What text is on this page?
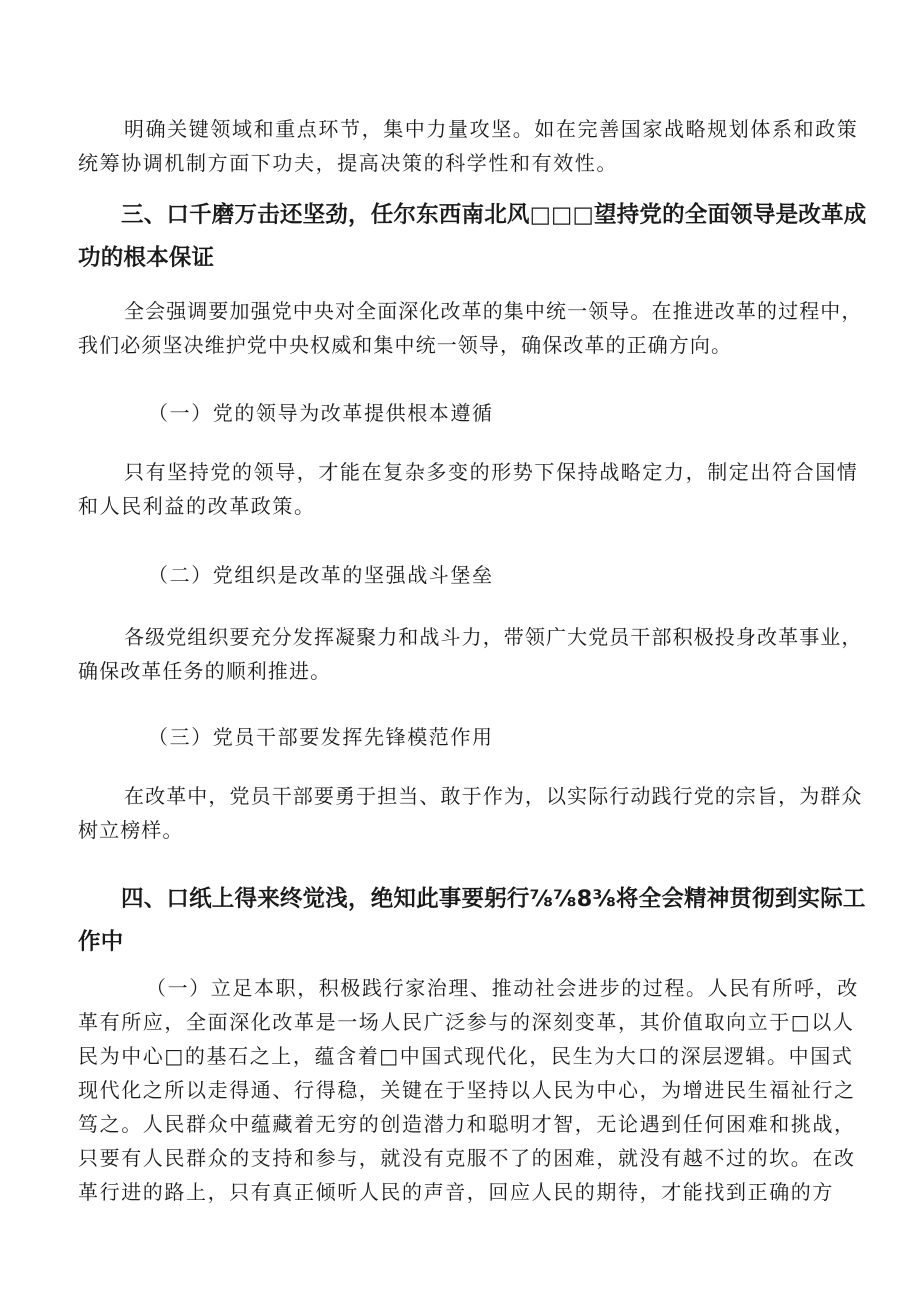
明确关键领域和重点环节，集中力量攻坚。如在完善国家战略规划体系和政策
统筹协调机制方面下功夫，提高决策的科学性和有效性。
三、口千磨万击还坚劲，任尔东西南北风□□□望持党的全面领导是改革成
功的根本保证
全会强调要加强党中央对全面深化改革的集中统一领导。在推进改革的过程中，
我们必须坚决维护党中央权威和集中统一领导，确保改革的正确方向。
（一）党的领导为改革提供根本遵循
只有坚持党的领导，才能在复杂多变的形势下保持战略定力，制定出符合国情
和人民利益的改革政策。
（二）党组织是改革的坚强战斗堡垒
各级党组织要充分发挥凝聚力和战斗力，带领广大党员干部积极投身改革事业，
确保改革任务的顺利推进。
（三）党员干部要发挥先锋模范作用
在改革中，党员干部要勇于担当、敢于作为，以实际行动践行党的宗旨，为群众
树立榜样。
四、口纸上得来终觉浅，绝知此事要躬行⅞⅞8⅜将全会精神贯彻到实际工
作中
（一）立足本职，积极践行家治理、推动社会进步的过程。人民有所呼，改
革有所应，全面深化改革是一场人民广泛参与的深刻变革，其价值取向立于□以人
民为中心□的基石之上，蕴含着□中国式现代化，民生为大口的深层逻辑。中国式
现代化之所以走得通、行得稳，关键在于坚持以人民为中心，为增进民生福祉行之
笃之。人民群众中蕴藏着无穷的创造潜力和聪明才智，无论遇到任何困难和挑战，
只要有人民群众的支持和参与，就没有克服不了的困难，就没有越不过的坎。在改
革行进的路上，只有真正倾听人民的声音，回应人民的期待，才能找到正确的方
